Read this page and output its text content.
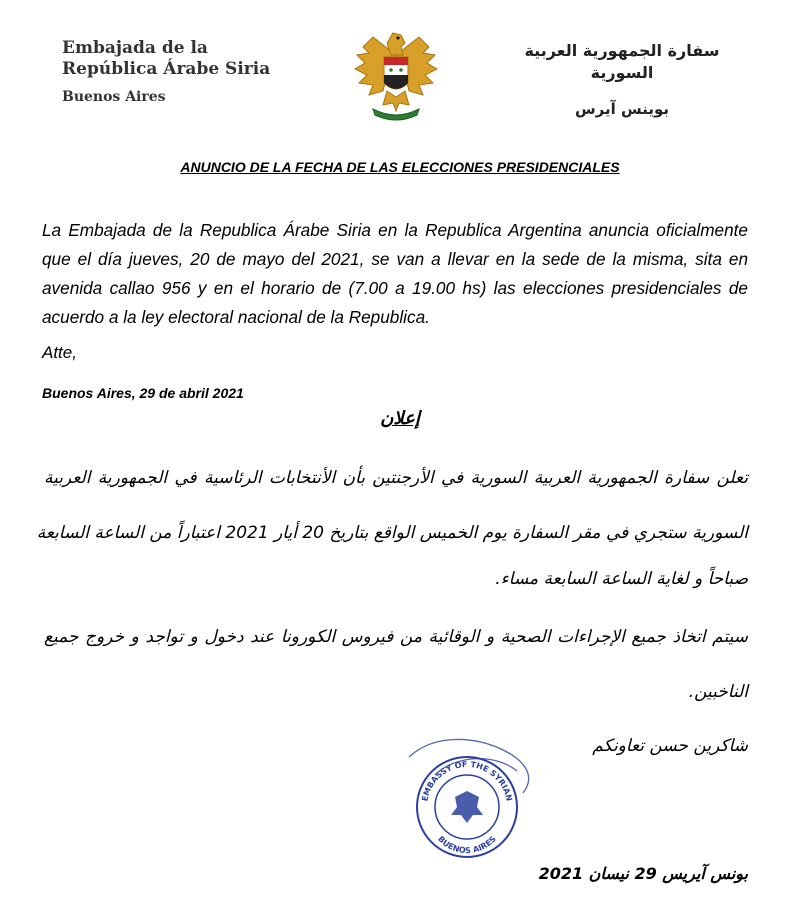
Embajada de la
República Árabe Siria
Buenos Aires
سفارة الجمهورية العربية السورية
بوينس آيرس
ANUNCIO DE LA FECHA DE LAS ELECCIONES PRESIDENCIALES
La Embajada de la Republica Árabe Siria en la Republica Argentina anuncia oficialmente que el día jueves, 20 de mayo del 2021, se van a llevar en la sede de la misma, sita en avenida callao 956 y en el horario de (7.00 a 19.00 hs) las elecciones presidenciales de acuerdo a la ley electoral nacional de la Republica.
Atte,
Buenos Aires, 29 de abril 2021
إعلان
تعلن سفارة الجمهورية العربية السورية في الأرجنتين بأن الأنتخابات الرئاسية في الجمهورية العربية
السورية ستجري في مقر السفارة يوم الخميس الواقع بتاريخ 20 أيار 2021 اعتباراً من الساعة السابعة
صباحاً و لغاية الساعة السابعة مساء.
سيتم اتخاذ جميع الإجراءات الصحية و الوقائية من فيروس الكورونا عند دخول و تواجد و خروج جميع
الناخبين.
شاكرين حسن تعاونكم
EMBASSY OF THE SYRIAN
BUENOS AIRES
بونس آيريس 29 نيسان 2021
